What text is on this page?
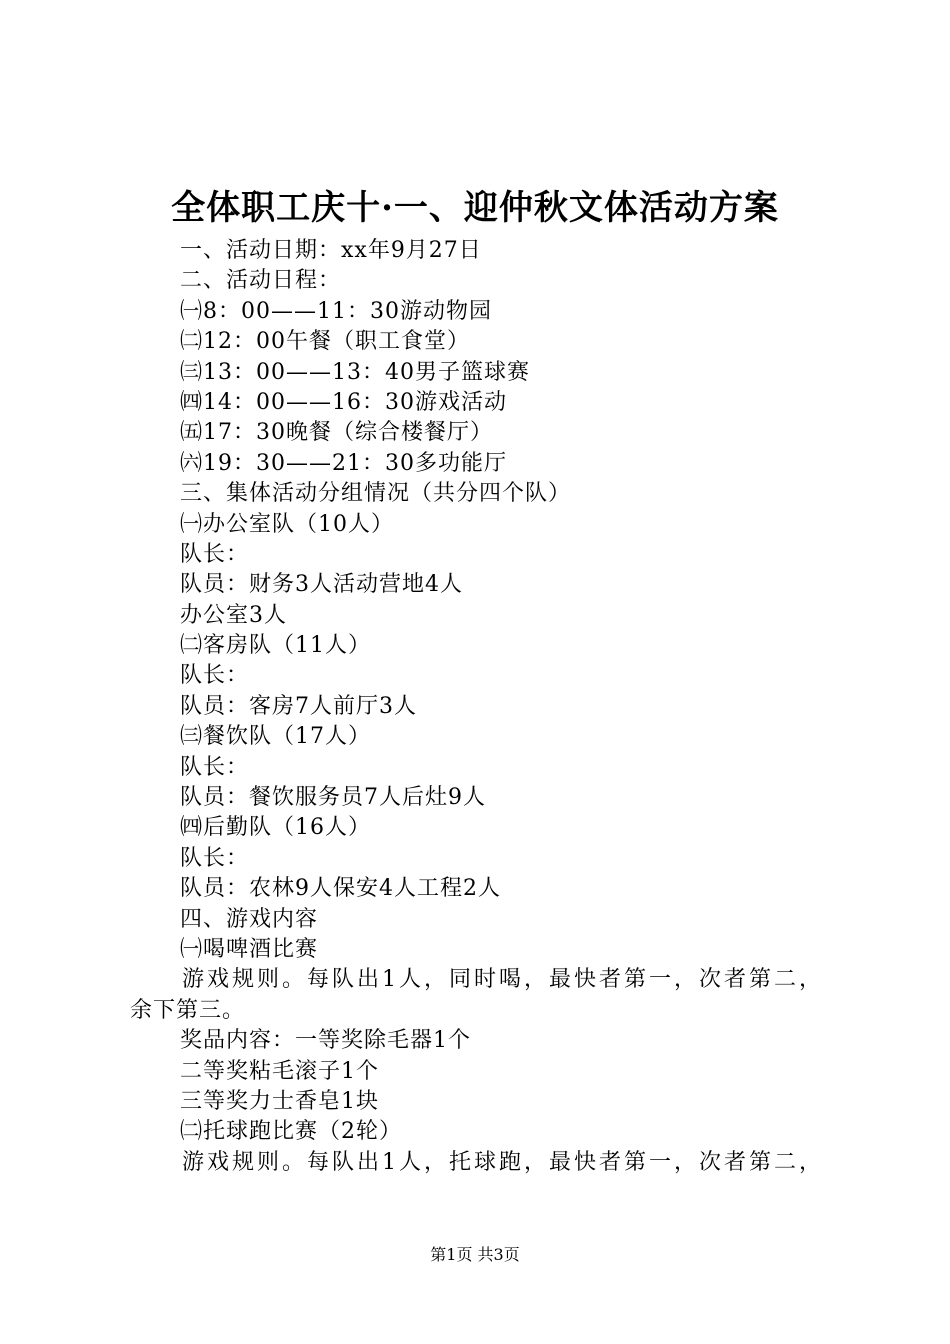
全体职工庆十·一、迎仲秋文体活动方案
一、活动日期：xx年9月27日
二、活动日程：
㈠8：00——11：30游动物园
㈡12：00午餐（职工食堂）
㈢13：00——13：40男子篮球赛
㈣14：00——16：30游戏活动
㈤17：30晚餐（综合楼餐厅）
㈥19：30——21：30多功能厅
三、集体活动分组情况（共分四个队）
㈠办公室队（10人）
队长：
队员：财务3人活动营地4人
办公室3人
㈡客房队（11人）
队长：
队员：客房7人前厅3人
㈢餐饮队（17人）
队长：
队员：餐饮服务员7人后灶9人
㈣后勤队（16人）
队长：
队员：农林9人保安4人工程2人
四、游戏内容
㈠喝啤酒比赛
游戏规则。每队出1人，同时喝，最快者第一，次者第二，
余下第三。
奖品内容：一等奖除毛器1个
二等奖粘毛滚子1个
三等奖力士香皂1块
㈡托球跑比赛（2轮）
游戏规则。每队出1人，托球跑，最快者第一，次者第二，
第1页 共3页
